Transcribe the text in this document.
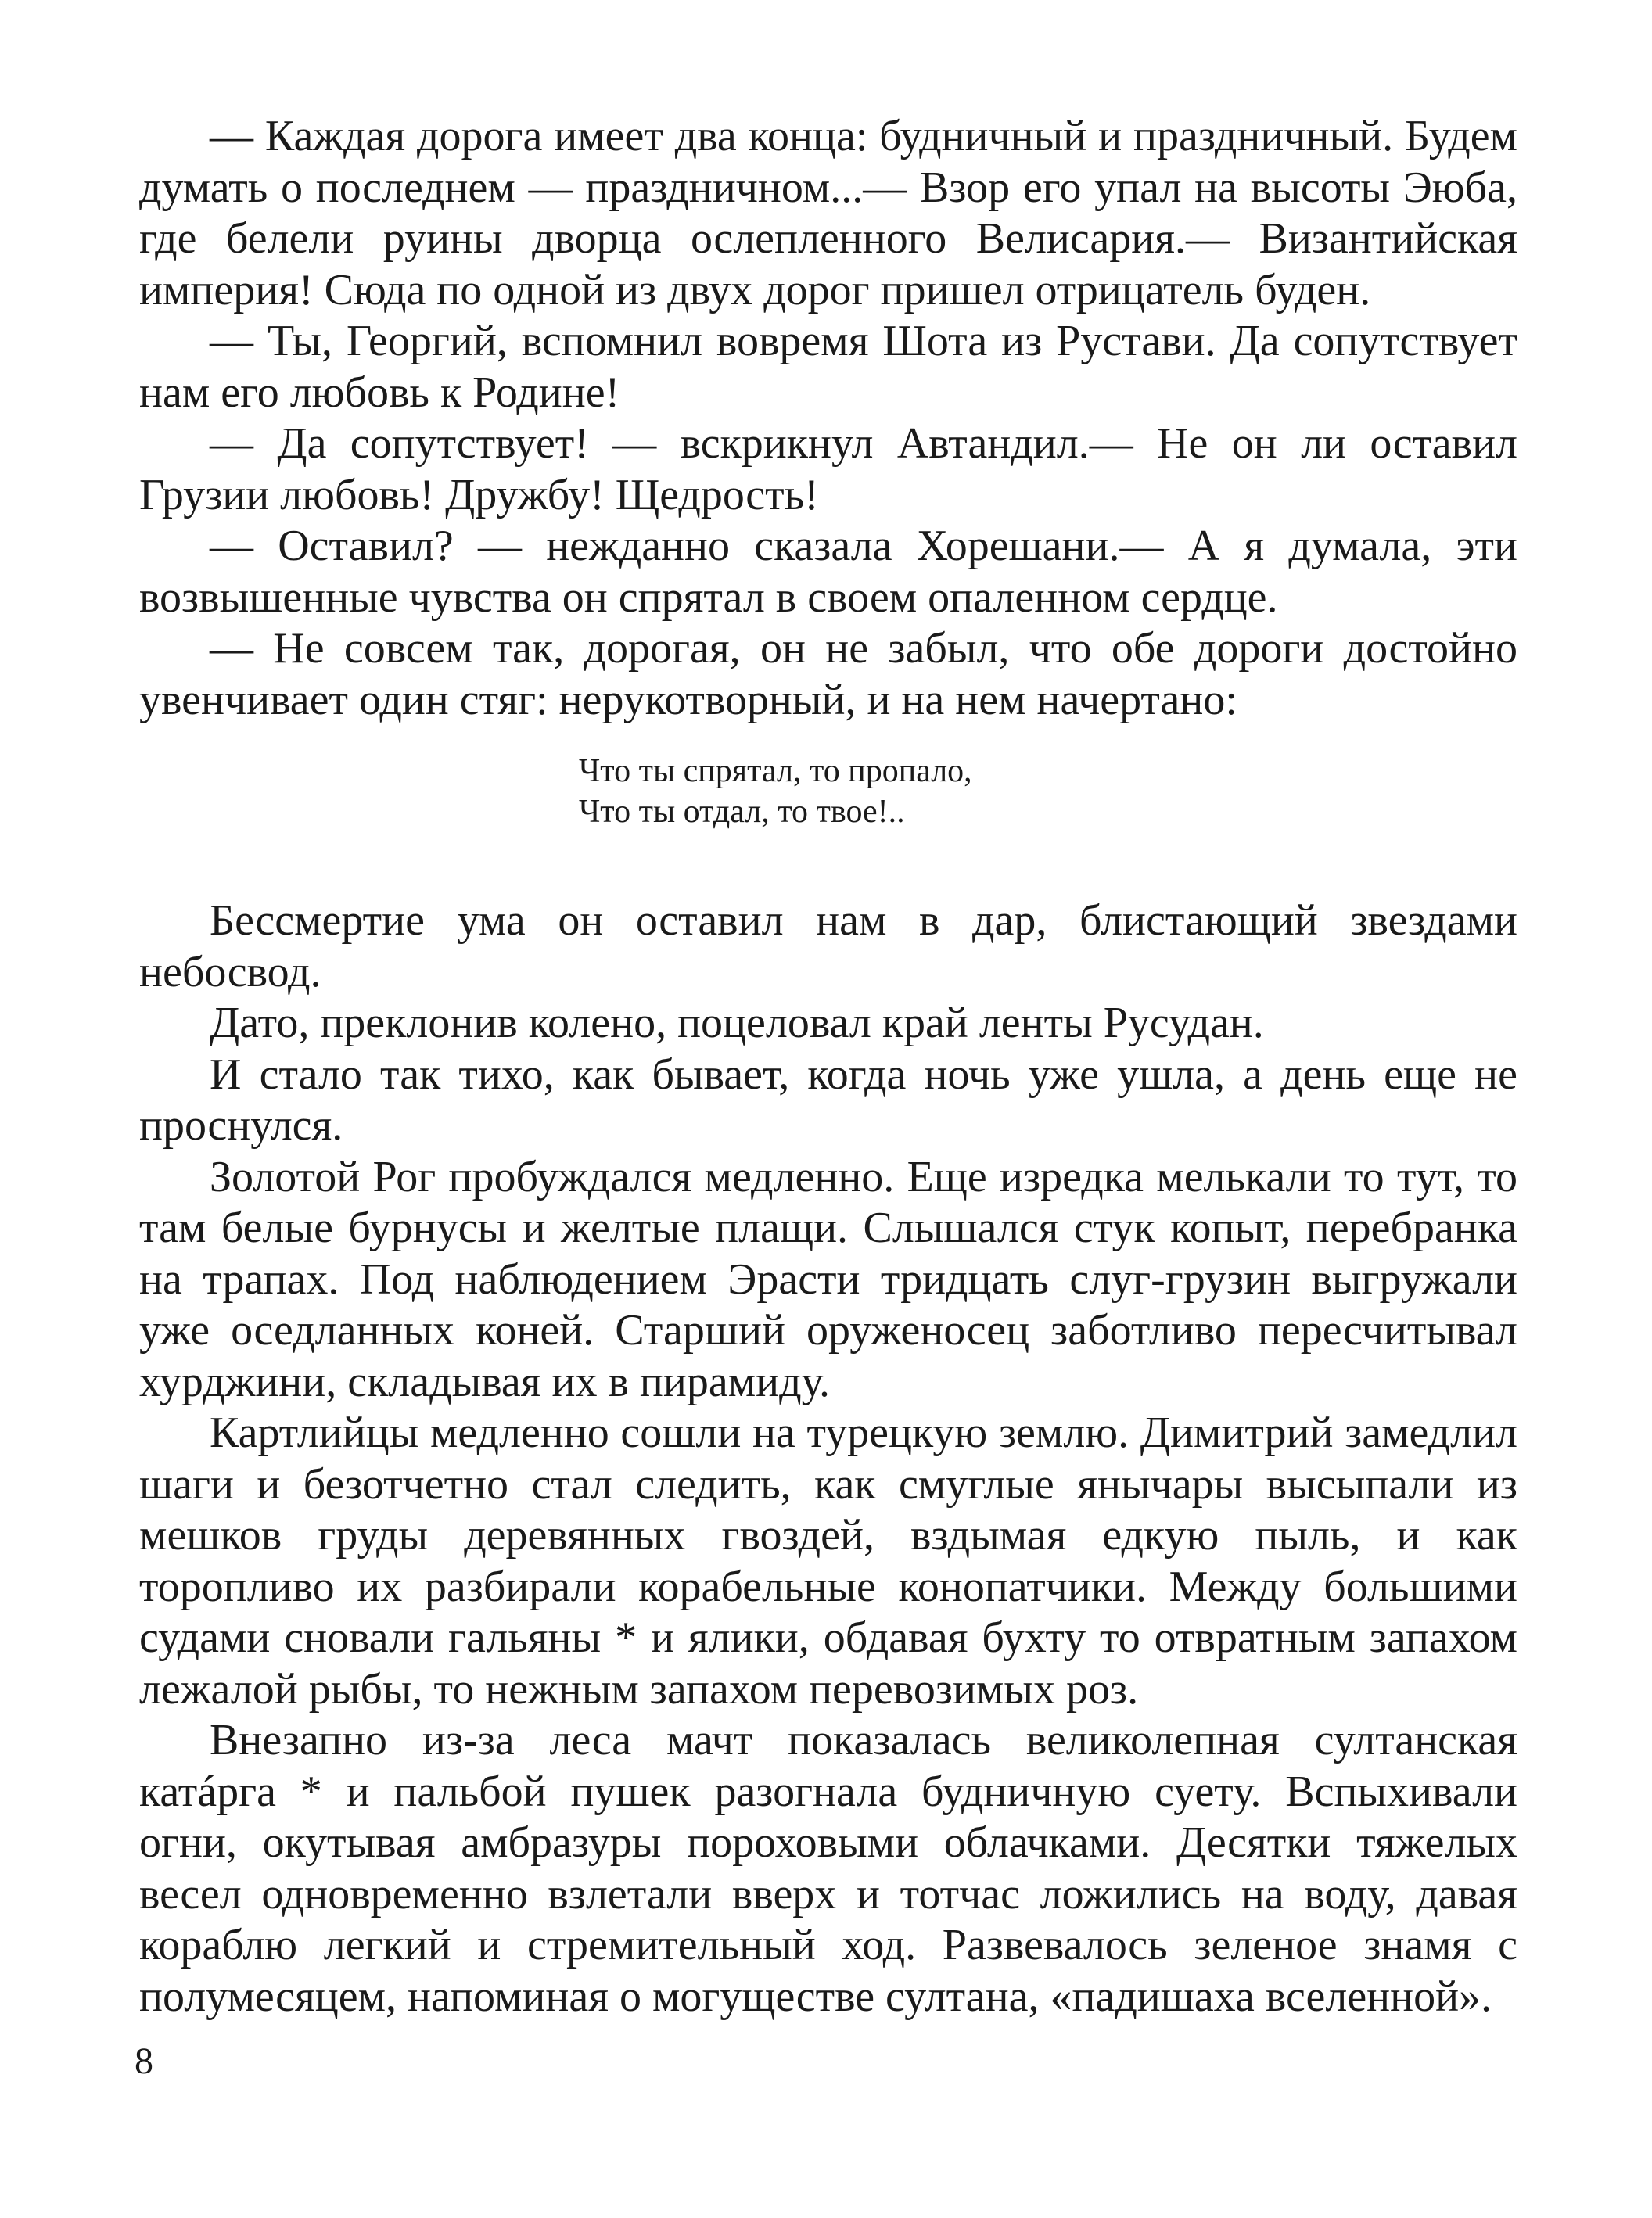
— Каждая дорога имеет два конца: будничный и праздничный. Будем думать о последнем — праздничном...— Взор его упал на высоты Эюба, где белели руины дворца ослепленного Велисария.— Византийская империя! Сюда по одной из двух дорог пришел отрицатель буден.

— Ты, Георгий, вспомнил вовремя Шота из Рустави. Да сопутствует нам его любовь к Родине!

— Да сопутствует! — вскрикнул Автандил.— Не он ли оставил Грузии любовь! Дружбу! Щедрость!

— Оставил? — нежданно сказала Хорешани.— А я думала, эти возвышенные чувства он спрятал в своем опаленном сердце.

— Не совсем так, дорогая, он не забыл, что обе дороги достойно увенчивает один стяг: нерукотворный, и на нем начертано:

Что ты спрятал, то пропало,
Что ты отдал, то твое!..

Бессмертие ума он оставил нам в дар, блистающий звездами небосвод.

Дато, преклонив колено, поцеловал край ленты Русудан.

И стало так тихо, как бывает, когда ночь уже ушла, а день еще не проснулся.

Золотой Рог пробуждался медленно. Еще изредка мелькали то тут, то там белые бурнусы и желтые плащи. Слышался стук копыт, перебранка на трапах. Под наблюдением Эрасти тридцать слуг-грузин выгружали уже оседланных коней. Старший оруженосец заботливо пересчитывал хурджини, складывая их в пирамиду.

Картлийцы медленно сошли на турецкую землю. Димитрий замедлил шаги и безотчетно стал следить, как смуглые янычары высыпали из мешков груды деревянных гвоздей, вздымая едкую пыль, и как торопливо их разбирали корабельные конопатчики. Между большими судами сновали гальяны * и ялики, обдавая бухту то отвратным запахом лежалой рыбы, то нежным запахом перевозимых роз.

Внезапно из-за леса мачт показалась великолепная султанская катáрга * и пальбой пушек разогнала будничную суету. Вспыхивали огни, окутывая амбразуры пороховыми облачками. Десятки тяжелых весел одновременно взлетали вверх и тотчас ложились на воду, давая кораблю легкий и стремительный ход. Развевалось зеленое знамя с полумесяцем, напоминая о могуществе султана, «падишаха вселенной».

8
